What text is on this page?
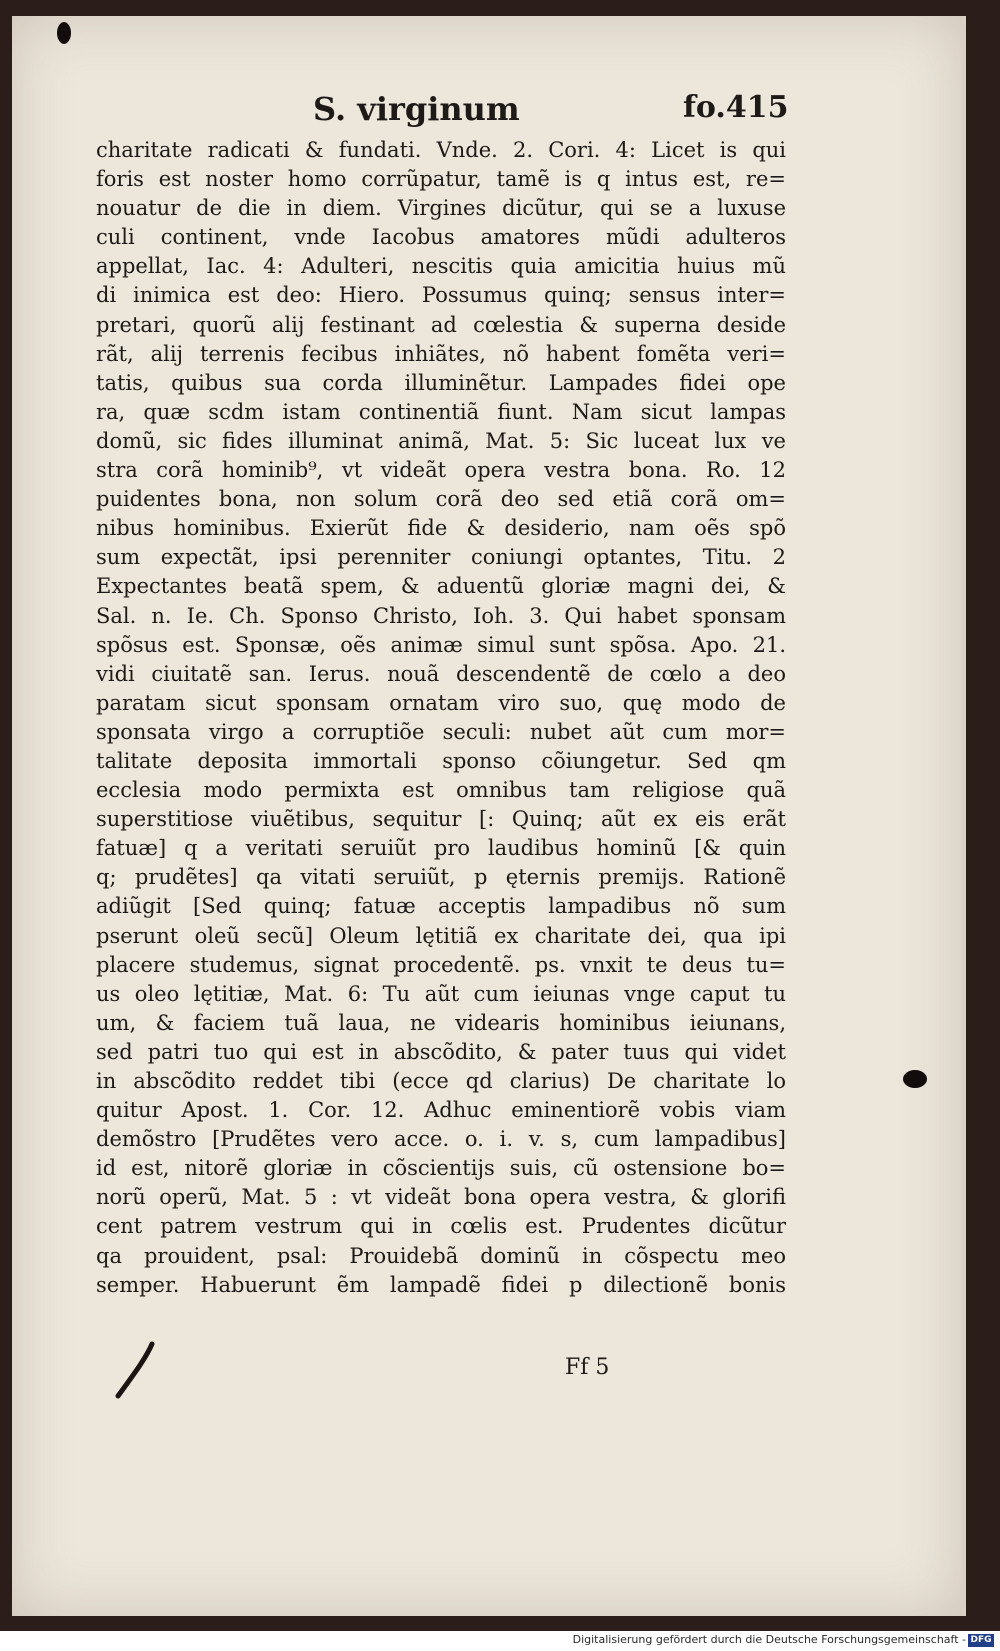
S. virginum	fo.415
charitate radicati & fundati. Vnde. 2. Cori. 4: Licet is qui
foris est noster homo corrũpatur, tamẽ is q intus est, re=
nouatur de die in diem. Virgines dicũtur, qui se a luxuse
culi continent, vnde Iacobus amatores mũdi adulteros
appellat, Iac. 4: Adulteri, nescitis quia amicitia huius mũ
di inimica est deo: Hiero. Possumus quinq; sensus inter=
pretari, quorũ alij festinant ad cœlestia & superna deside
rãt, alij terrenis fecibus inhiãtes, nõ habent fomẽta veri=
tatis, quibus sua corda illuminẽtur. Lampades fidei ope
ra, quæ scdm istam continentiã fiunt. Nam sicut lampas
domũ, sic fides illuminat animã, Mat. 5: Sic luceat lux ve
stra corã hominib⁹, vt videãt opera vestra bona. Ro. 12
puidentes bona, non solum corã deo sed etiã corã om=
nibus hominibus. Exierũt fide & desiderio, nam oẽs spõ
sum expectãt, ipsi perenniter coniungi optantes, Titu. 2
Expectantes beatã spem, & aduentũ gloriæ magni dei, &
Sal. n. Ie. Ch. Sponso Christo, Ioh. 3. Qui habet sponsam
spõsus est. Sponsæ, oẽs animæ simul sunt spõsa. Apo. 21.
vidi ciuitatẽ san. Ierus. nouã descendentẽ de cœlo a deo
paratam sicut sponsam ornatam viro suo, quę modo de
sponsata virgo a corruptiõe seculi: nubet aũt cum mor=
talitate deposita immortali sponso cõiungetur. Sed qm
ecclesia modo permixta est omnibus tam religiose quã
superstitiose viuẽtibus, sequitur [: Quinq; aũt ex eis erãt
fatuæ] q a veritati seruiũt pro laudibus hominũ [& quin
q; prudẽtes] qa vitati seruiũt, p ęternis premijs. Rationẽ
adiũgit [Sed quinq; fatuæ acceptis lampadibus nõ sum
pserunt oleũ secũ] Oleum lętitiã ex charitate dei, qua ipi
placere studemus, signat procedentẽ. ps. vnxit te deus tu=
us oleo lętitiæ, Mat. 6: Tu aũt cum ieiunas vnge caput tu
um, & faciem tuã laua, ne videaris hominibus ieiunans,
sed patri tuo qui est in abscõdito, & pater tuus qui videt
in abscõdito reddet tibi (ecce qd clarius) De charitate lo
quitur Apost. 1. Cor. 12. Adhuc eminentiorẽ vobis viam
demõstro [Prudẽtes vero acce. o. i. v. s, cum lampadibus]
id est, nitorẽ gloriæ in cõscientijs suis, cũ ostensione bo=
norũ operũ, Mat. 5 : vt videãt bona opera vestra, & glorifi
cent patrem vestrum qui in cœlis est. Prudentes dicũtur
qa prouident, psal: Prouidebã dominũ in cõspectu meo
semper. Habuerunt ẽm lampadẽ fidei p dilectionẽ bonis
Ff 5
Digitalisierung gefördert durch die Deutsche Forschungsgemeinschaft - DFG
